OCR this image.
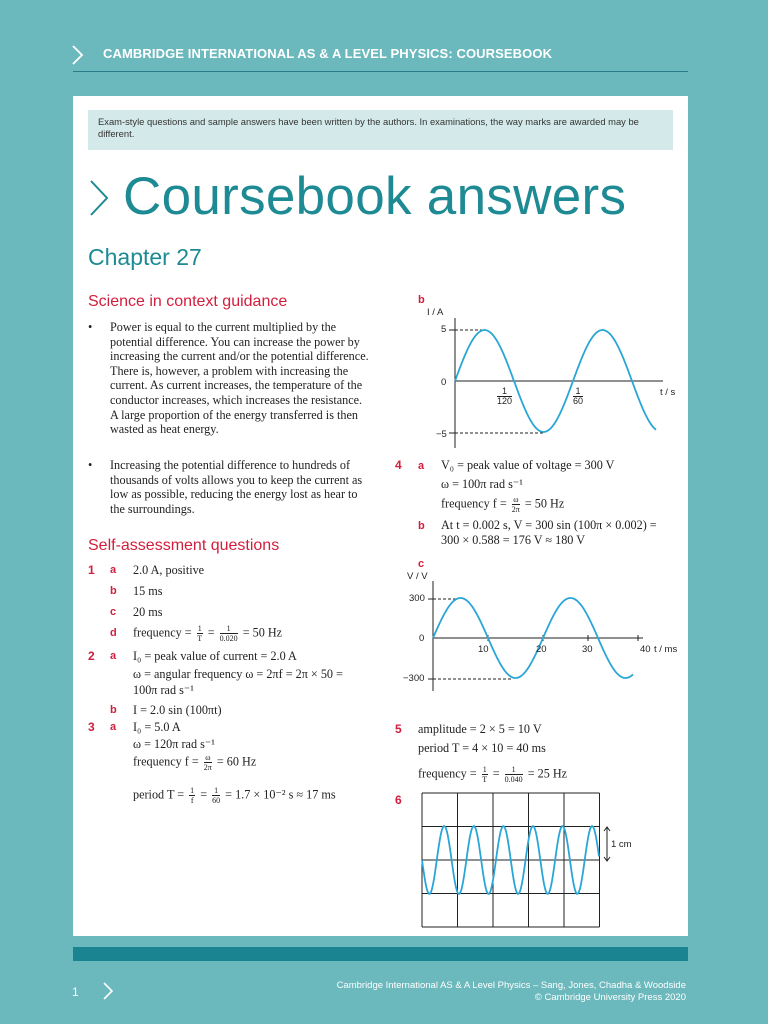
CAMBRIDGE INTERNATIONAL AS & A LEVEL PHYSICS: COURSEBOOK
Exam-style questions and sample answers have been written by the authors. In examinations, the way marks are awarded may be different.
Coursebook answers
Chapter 27
Science in context guidance
•	Power is equal to the current multiplied by the potential difference. You can increase the power by increasing the current and/or the potential difference. There is, however, a problem with increasing the current. As current increases, the temperature of the conductor increases, which increases the resistance. A large proportion of the energy transferred is then wasted as heat energy.
•	Increasing the potential difference to hundreds of thousands of volts allows you to keep the current as low as possible, reducing the energy lost as hear to the surroundings.
Self-assessment questions
1 a 2.0 A, positive
b 15 ms
c 20 ms
d frequency = $\frac{1}{T} = \frac{1}{0.020} = 50$ Hz
2 a I₀ = peak value of current = 2.0 A
ω = angular frequency ω = 2πf = 2π × 50 =
100π rad s⁻¹
b I = 2.0 sin (100πt)
3 a I₀ = 5.0 A
ω = 120π rad s⁻¹
frequency $f = \frac{\omega}{2\pi} = 60$ Hz
period $T = \frac{1}{f} = \frac{1}{60} = 1.7 \times 10^{-2}$ s ≈ 17 ms
b
I / A
5
0
−5
t / s
$\frac{1}{120}$	$\frac{1}{60}$
4 a V₀ = peak value of voltage = 300 V
ω = 100π rad s⁻¹
frequency $f = \frac{\omega}{2\pi} = 50$ Hz
b At t = 0.002 s, V = 300 sin (100π × 0.002) =
300 × 0.588 = 176 V ≈ 180 V
c
V / V
300
0
−300
10	20	30	40 t / ms
5 amplitude = 2 × 5 = 10 V
period T = 4 × 10 = 40 ms
frequency = $\frac{1}{T} = \frac{1}{0.040} = 25$ Hz
6
1 cm
1	Cambridge International AS & A Level Physics – Sang, Jones, Chadha & Woodside
© Cambridge University Press 2020
